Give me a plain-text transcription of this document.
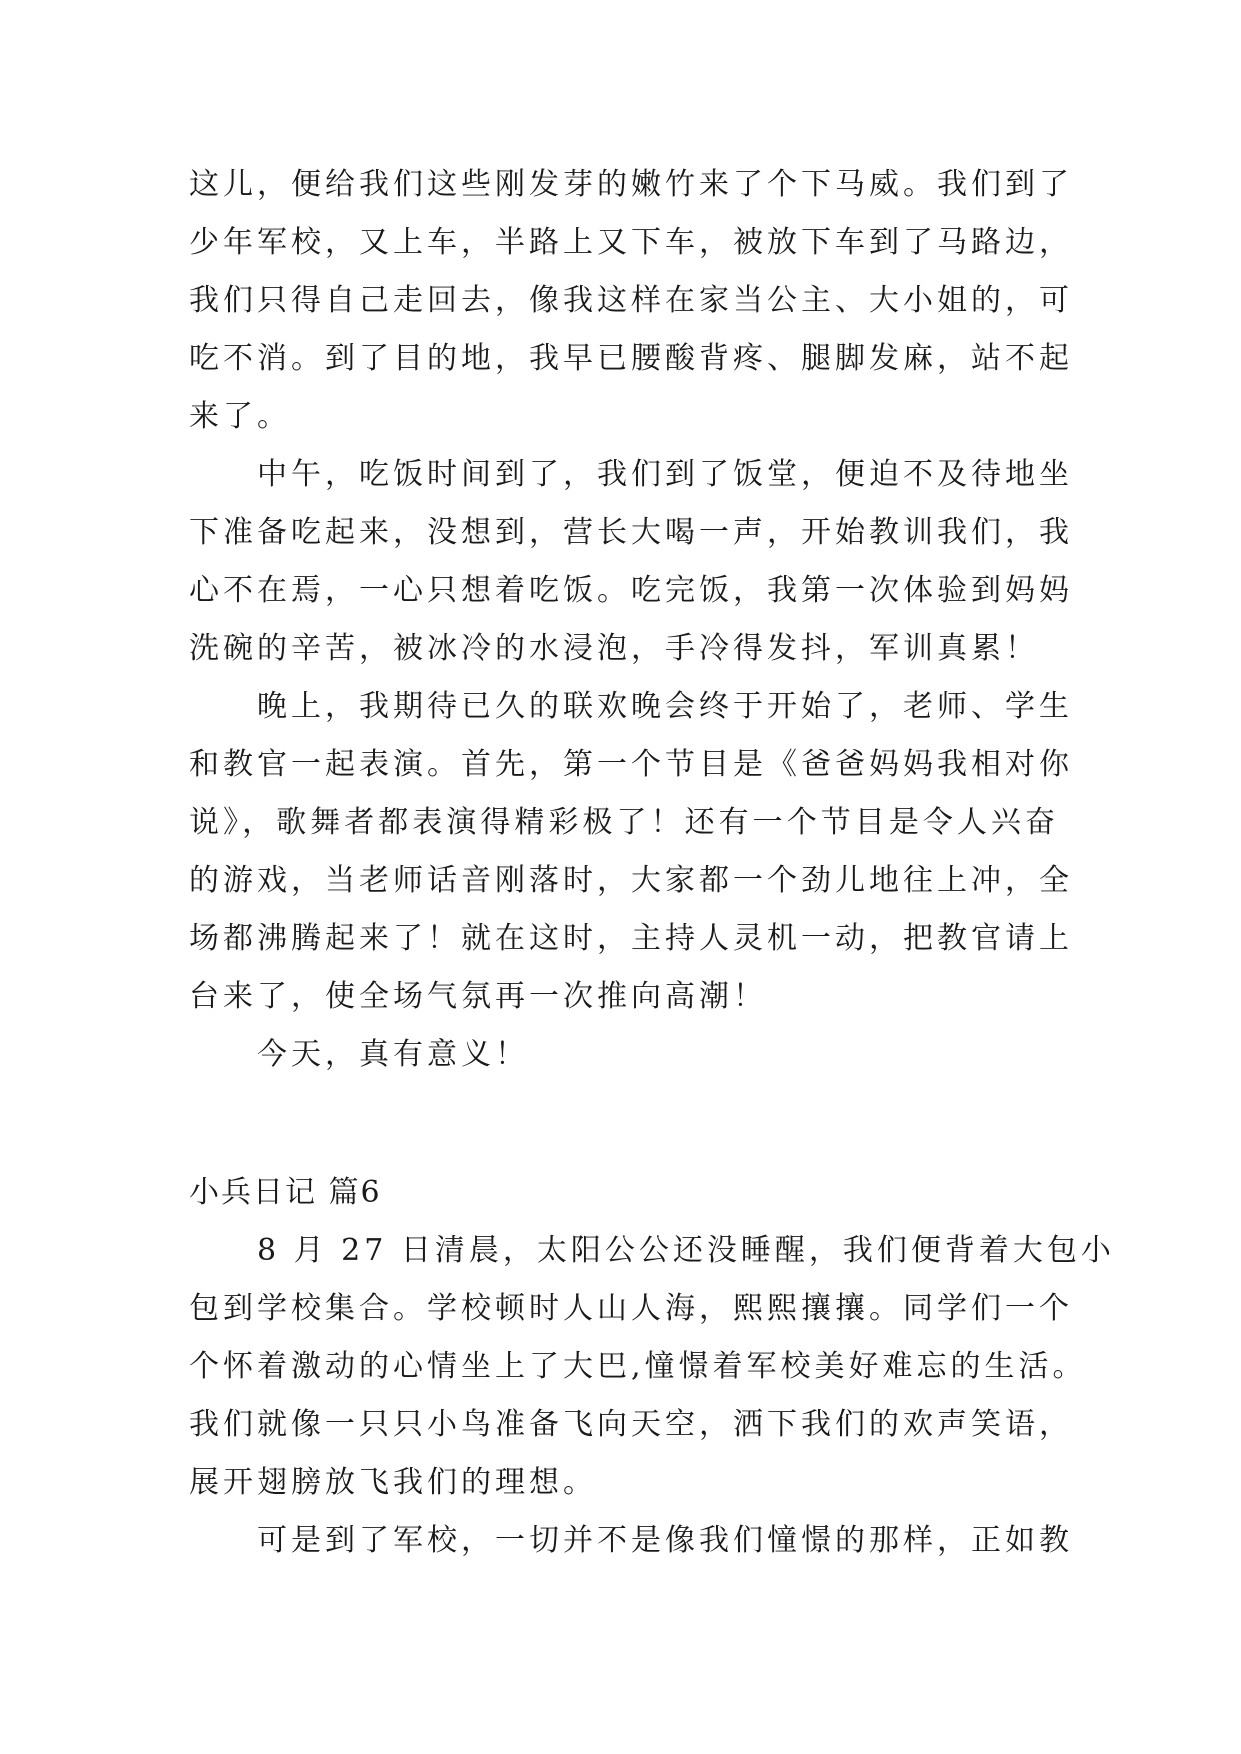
这儿，便给我们这些刚发芽的嫩竹来了个下马威。我们到了
少年军校，又上车，半路上又下车，被放下车到了马路边，
我们只得自己走回去，像我这样在家当公主、大小姐的，可
吃不消。到了目的地，我早已腰酸背疼、腿脚发麻，站不起
来了。
中午，吃饭时间到了，我们到了饭堂，便迫不及待地坐
下准备吃起来，没想到，营长大喝一声，开始教训我们，我
心不在焉，一心只想着吃饭。吃完饭，我第一次体验到妈妈
洗碗的辛苦，被冰冷的水浸泡，手冷得发抖，军训真累！
晚上，我期待已久的联欢晚会终于开始了，老师、学生
和教官一起表演。首先，第一个节目是《爸爸妈妈我相对你
说》，歌舞者都表演得精彩极了！还有一个节目是令人兴奋
的游戏，当老师话音刚落时，大家都一个劲儿地往上冲，全
场都沸腾起来了！就在这时，主持人灵机一动，把教官请上
台来了，使全场气氛再一次推向高潮！
今天，真有意义！
小兵日记 篇6
8 月 27 日清晨，太阳公公还没睡醒，我们便背着大包小
包到学校集合。学校顿时人山人海，熙熙攘攘。同学们一个
个怀着激动的心情坐上了大巴,憧憬着军校美好难忘的生活。
我们就像一只只小鸟准备飞向天空，洒下我们的欢声笑语，
展开翅膀放飞我们的理想。
可是到了军校，一切并不是像我们憧憬的那样，正如教
